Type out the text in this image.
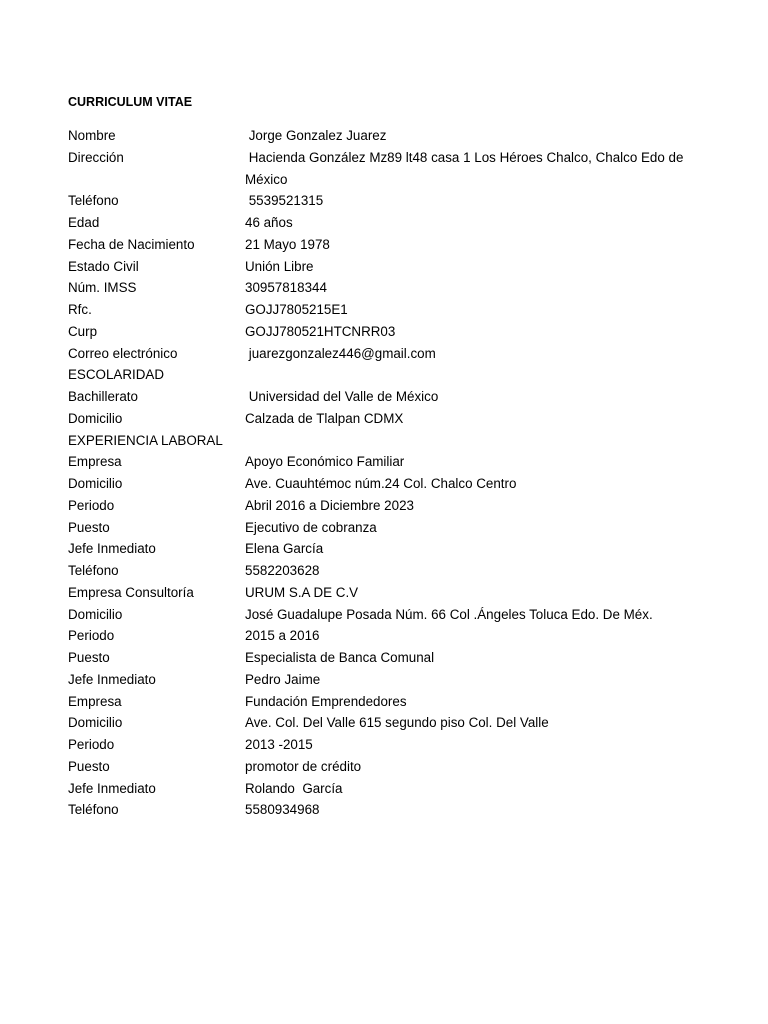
CURRICULUM VITAE
Nombre	Jorge Gonzalez Juarez
Dirección	Hacienda González Mz89 lt48 casa 1 Los Héroes Chalco, Chalco Edo de México
Teléfono	5539521315
Edad	46 años
Fecha de Nacimiento	21 Mayo 1978
Estado Civil	Unión Libre
Núm. IMSS	30957818344
Rfc.	GOJJ7805215E1
Curp	GOJJ780521HTCNRR03
Correo electrónico	juarezgonzalez446@gmail.com
ESCOLARIDAD
Bachillerato	Universidad del Valle de México
Domicilio	Calzada de Tlalpan CDMX
EXPERIENCIA LABORAL
Empresa	Apoyo Económico Familiar
Domicilio	Ave. Cuauhtémoc núm.24 Col. Chalco Centro
Periodo	Abril 2016 a Diciembre 2023
Puesto	Ejecutivo de cobranza
Jefe Inmediato	Elena García
Teléfono	5582203628
Empresa Consultoría	URUM S.A DE C.V
Domicilio	José Guadalupe Posada Núm. 66 Col .Ángeles Toluca Edo. De Méx.
Periodo	2015 a 2016
Puesto	Especialista de Banca Comunal
Jefe Inmediato	Pedro Jaime
Empresa	Fundación Emprendedores
Domicilio	Ave. Col. Del Valle 615 segundo piso Col. Del Valle
Periodo	2013 -2015
Puesto	promotor de crédito
Jefe Inmediato	Rolando  García
Teléfono	5580934968
